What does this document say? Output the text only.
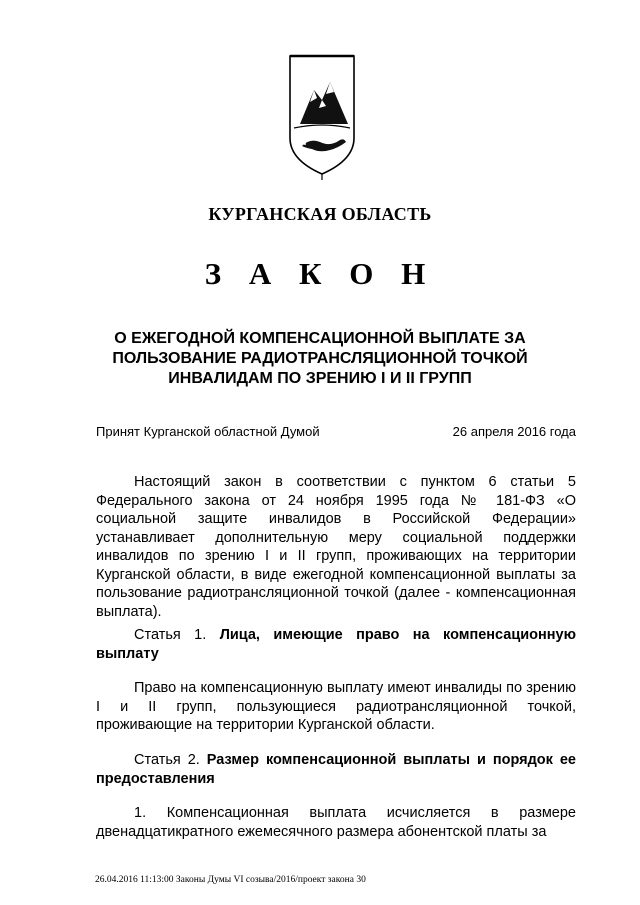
КУРГАНСКАЯ ОБЛАСТЬ
З А К О Н
О ЕЖЕГОДНОЙ КОМПЕНСАЦИОННОЙ ВЫПЛАТЕ ЗА
ПОЛЬЗОВАНИЕ РАДИОТРАНСЛЯЦИОННОЙ ТОЧКОЙ
ИНВАЛИДАМ ПО ЗРЕНИЮ I И II ГРУПП
Принят Курганской областной Думой	26 апреля 2016 года

Настоящий закон в соответствии с пунктом 6 статьи 5 Федерального закона от 24 ноября 1995 года № 181-ФЗ «О социальной защите инвалидов в Российской Федерации» устанавливает дополнительную меру социальной поддержки инвалидов по зрению I и II групп, проживающих на территории Курганской области, в виде ежегодной компенсационной выплаты за пользование радиотрансляционной точкой (далее - компенсационная выплата).

Статья 1. Лица, имеющие право на компенсационную выплату

Право на компенсационную выплату имеют инвалиды по зрению I и II групп, пользующиеся радиотрансляционной точкой, проживающие на территории Курганской области.

Статья 2. Размер компенсационной выплаты и порядок ее предоставления

1. Компенсационная выплата исчисляется в размере двенадцатикратного ежемесячного размера абонентской платы за

26.04.2016 11:13:00 Законы Думы VI созыва/2016/проект закона 30
